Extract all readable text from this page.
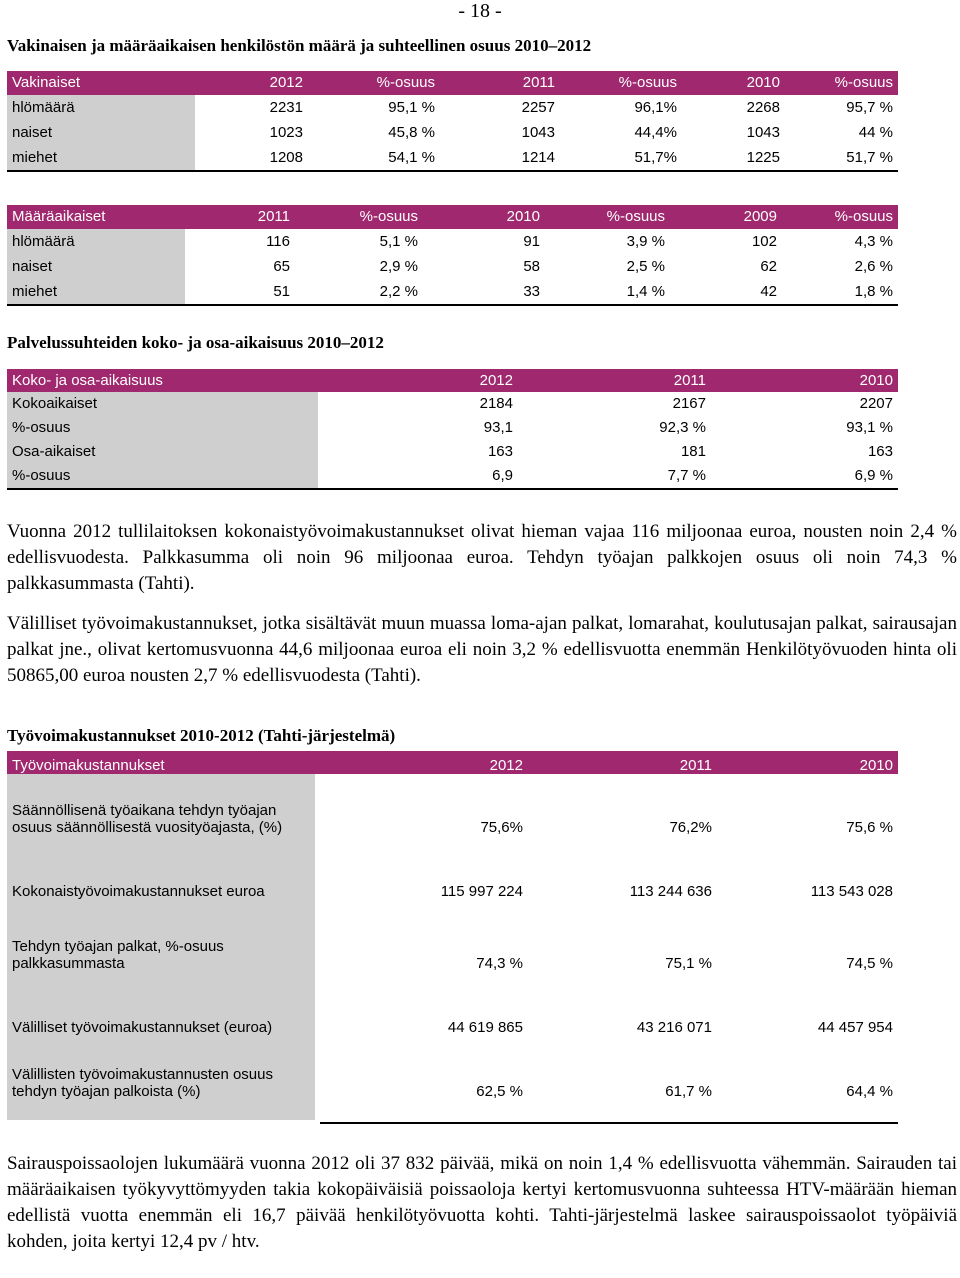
- 18 -
Vakinaisen ja määräaikaisen henkilöstön määrä ja suhteellinen osuus 2010–2012
Vakinaiset	2012	%-osuus	2011	%-osuus	2010	%-osuus
hlömäärä	2231	95,1 %	2257	96,1%	2268	95,7 %
naiset	1023	45,8 %	1043	44,4%	1043	44 %
miehet	1208	54,1 %	1214	51,7%	1225	51,7 %
Määräaikaiset	2011	%-osuus	2010	%-osuus	2009	%-osuus
hlömäärä	116	5,1 %	91	3,9 %	102	4,3 %
naiset	65	2,9 %	58	2,5 %	62	2,6 %
miehet	51	2,2 %	33	1,4 %	42	1,8 %
Palvelussuhteiden koko- ja osa-aikaisuus 2010–2012
Koko- ja osa-aikaisuus	2012	2011	2010
Kokoaikaiset	2184	2167	2207
%-osuus	93,1	92,3 %	93,1 %
Osa-aikaiset	163	181	163
%-osuus	6,9	7,7 %	6,9 %
Vuonna 2012 tullilaitoksen kokonaistyövoimakustannukset olivat hieman vajaa 116 miljoonaa euroa, nousten noin 2,4 % edellisvuodesta. Palkkasumma oli noin 96 miljoonaa euroa. Tehdyn työajan palkkojen osuus oli noin 74,3 % palkkasummasta (Tahti).
Välilliset työvoimakustannukset, jotka sisältävät muun muassa loma-ajan palkat, lomarahat, koulutusajan palkat, sairausajan palkat jne., olivat kertomusvuonna 44,6 miljoonaa euroa eli noin 3,2 % edellisvuotta enemmän Henkilötyövuoden hinta oli 50865,00 euroa nousten 2,7 % edellisvuodesta (Tahti).
Työvoimakustannukset 2010-2012 (Tahti-järjestelmä)
Työvoimakustannukset	2012	2011	2010
Säännöllisenä työaikana tehdyn työajan osuus säännöllisestä vuosityöajasta, (%)	75,6%	76,2%	75,6 %
Kokonaistyövoimakustannukset euroa	115 997 224	113 244 636	113 543 028
Tehdyn työajan palkat, %-osuus palkkasummasta	74,3 %	75,1 %	74,5 %
Välilliset työvoimakustannukset (euroa)	44 619 865	43 216 071	44 457 954
Välillisten työvoimakustannusten osuus tehdyn työajan palkoista (%)	62,5 %	61,7 %	64,4 %

Sairauspoissaolojen lukumäärä vuonna 2012 oli 37 832 päivää, mikä on noin 1,4 % edellisvuotta vähemmän. Sairauden tai määräaikaisen työkyvyttömyyden takia kokopäiväisiä poissaoloja kertyi kertomusvuonna suhteessa HTV-määrään hieman edellistä vuotta enemmän eli 16,7 päivää henkilötyövuotta kohti. Tahti-järjestelmä laskee sairauspoissaolot työpäiviä kohden, joita kertyi 12,4 pv / htv.
